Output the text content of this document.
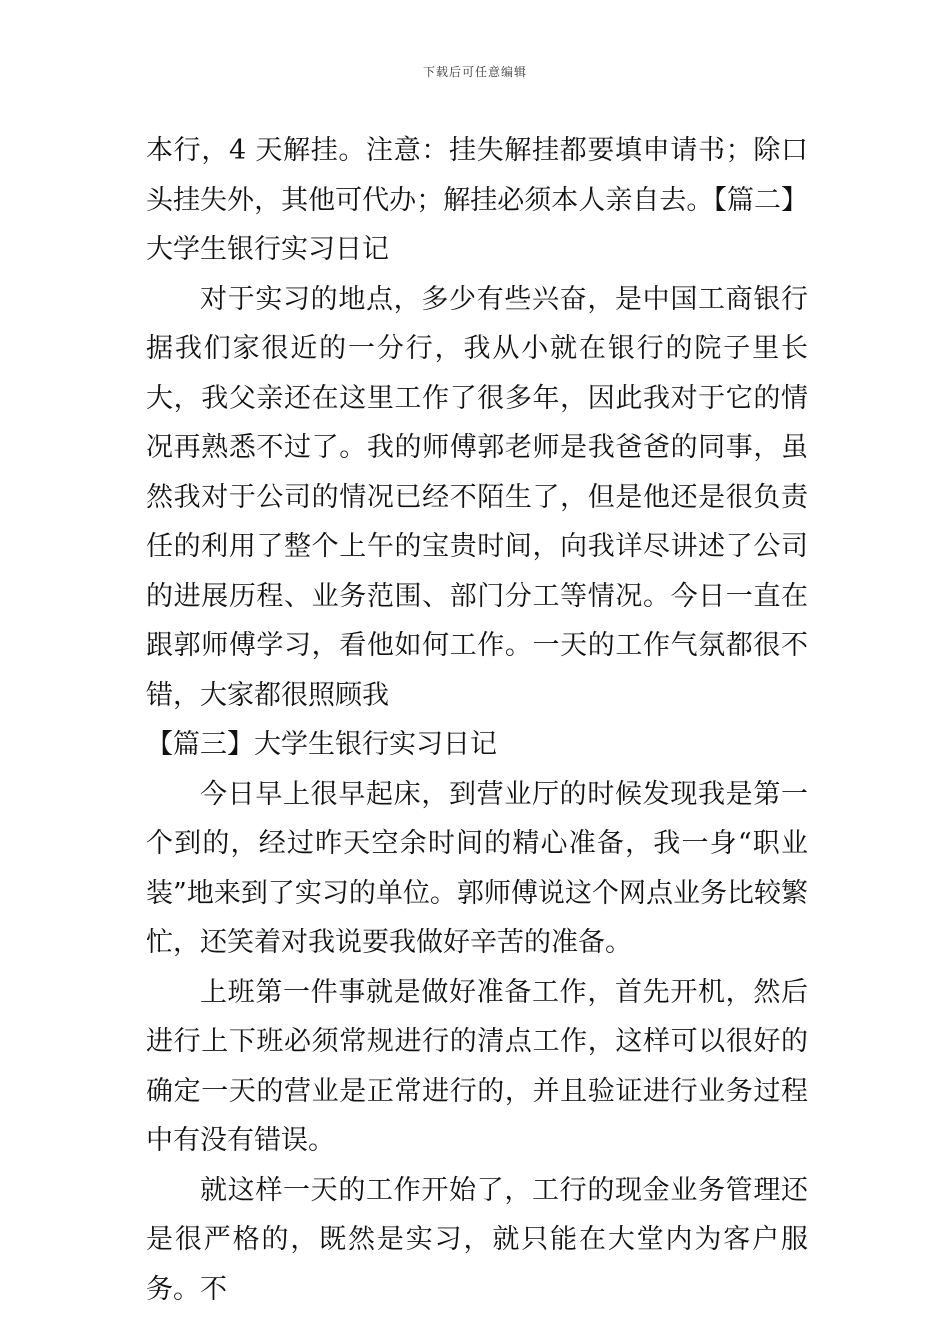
下载后可任意编辑

本行，4 天解挂。注意：挂失解挂都要填申请书；除口头挂失外，其他可代办；解挂必须本人亲自去。【篇二】大学生银行实习日记

对于实习的地点，多少有些兴奋，是中国工商银行据我们家很近的一分行，我从小就在银行的院子里长大，我父亲还在这里工作了很多年，因此我对于它的情况再熟悉不过了。我的师傅郭老师是我爸爸的同事，虽然我对于公司的情况已经不陌生了，但是他还是很负责任的利用了整个上午的宝贵时间，向我详尽讲述了公司的进展历程、业务范围、部门分工等情况。今日一直在跟郭师傅学习，看他如何工作。一天的工作气氛都很不错，大家都很照顾我

【篇三】大学生银行实习日记

今日早上很早起床，到营业厅的时候发现我是第一个到的，经过昨天空余时间的精心准备，我一身“职业装”地来到了实习的单位。郭师傅说这个网点业务比较繁忙，还笑着对我说要我做好辛苦的准备。

上班第一件事就是做好准备工作，首先开机，然后进行上下班必须常规进行的清点工作，这样可以很好的确定一天的营业是正常进行的，并且验证进行业务过程中有没有错误。

就这样一天的工作开始了，工行的现金业务管理还是很严格的，既然是实习，就只能在大堂内为客户服务。不
